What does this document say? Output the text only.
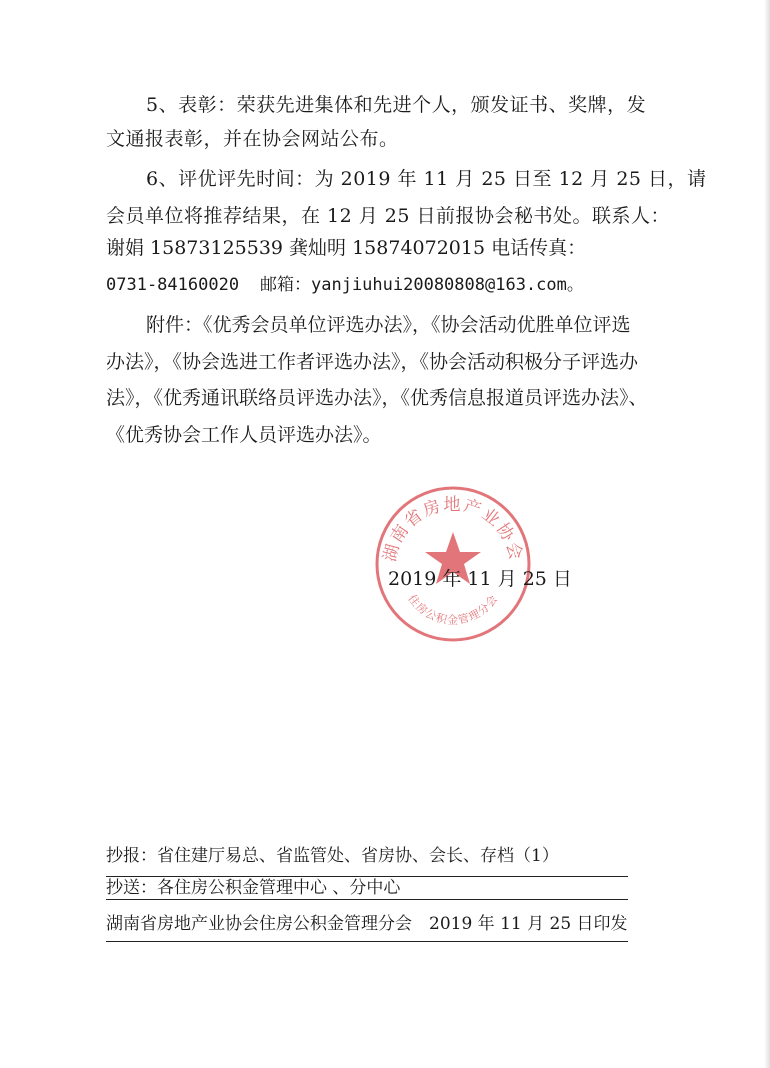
5、表彰：荣获先进集体和先进个人，颁发证书、奖牌，发
文通报表彰，并在协会网站公布。
6、评优评先时间：为 2019 年 11 月 25 日至 12 月 25 日，请
会员单位将推荐结果，在 12 月 25 日前报协会秘书处。联系人：
谢娟 15873125539 龚灿明 15874072015 电话传真：
0731-84160020 邮箱：yanjiuhui20080808@163.com。
附件：《优秀会员单位评选办法》，《协会活动优胜单位评选
办法》，《协会选进工作者评选办法》，《协会活动积极分子评选办
法》，《优秀通讯联络员评选办法》，《优秀信息报道员评选办法》、
《优秀协会工作人员评选办法》。
湖南省房地产业协会
住房公积金管理分会
2019 年 11 月 25 日
抄报：省住建厅易总、省监管处、省房协、会长、存档（1）
抄送：各住房公积金管理中心 、分中心
湖南省房地产业协会住房公积金管理分会　2019 年 11 月 25 日印发
